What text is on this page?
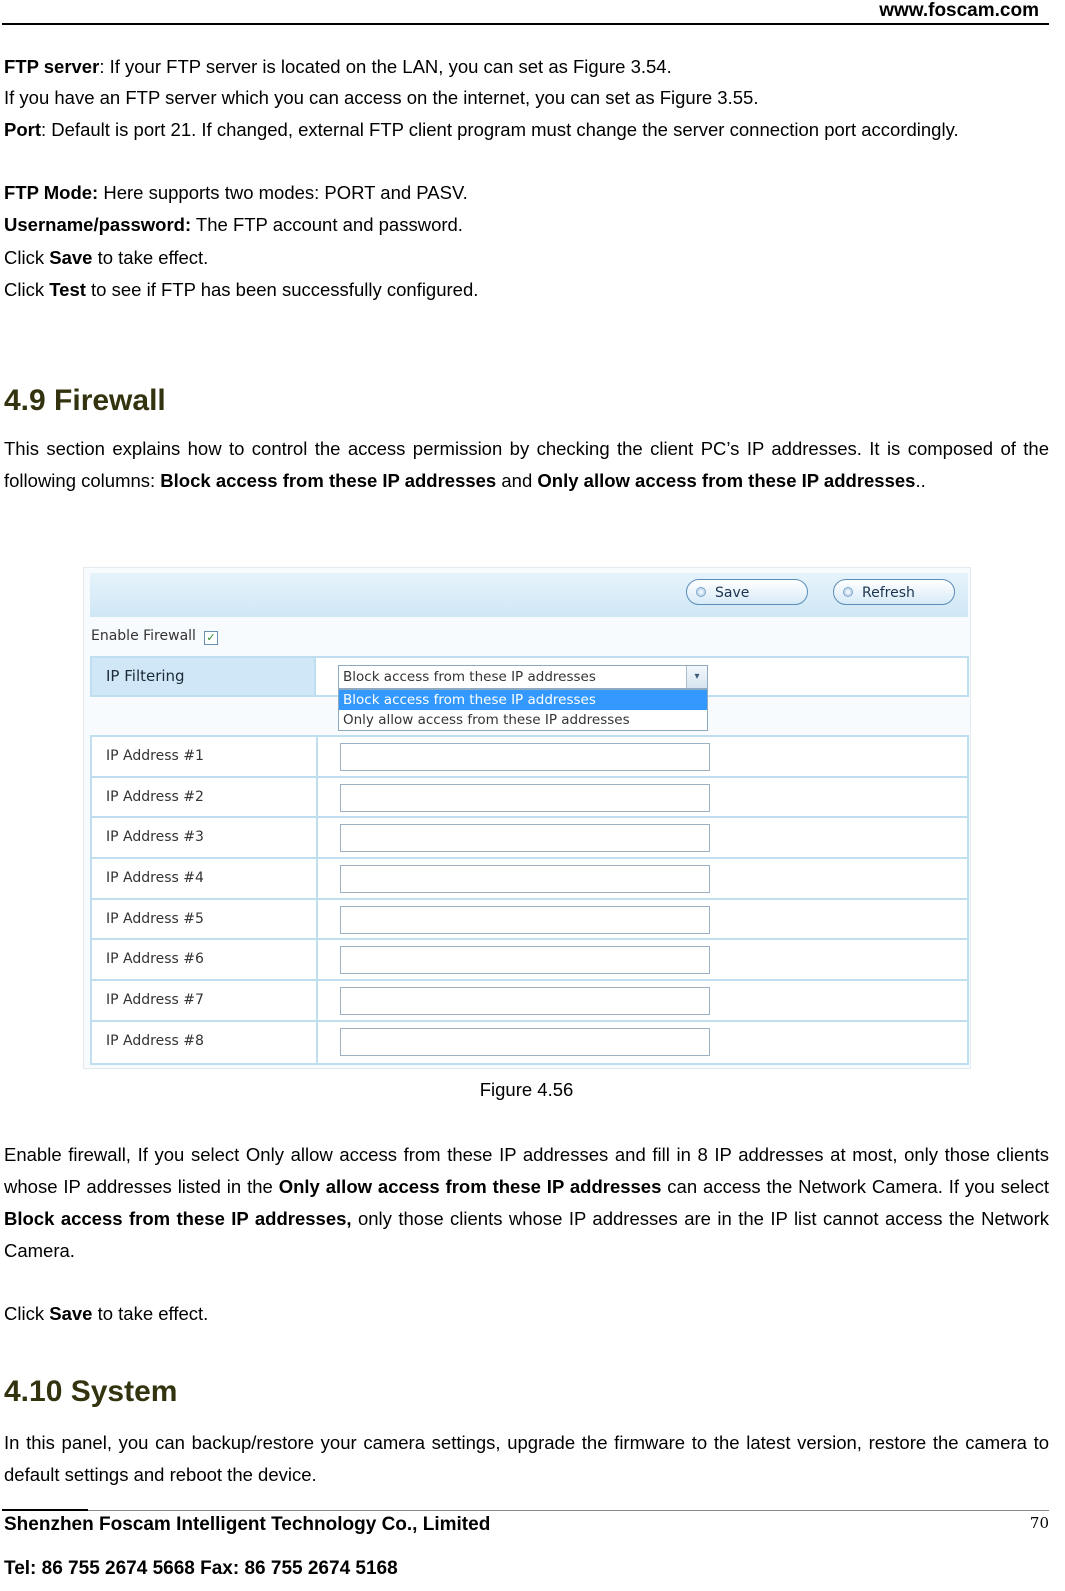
www.foscam.com
FTP server: If your FTP server is located on the LAN, you can set as Figure 3.54.
If you have an FTP server which you can access on the internet, you can set as Figure 3.55.
Port: Default is port 21. If changed, external FTP client program must change the server connection port accordingly.
FTP Mode: Here supports two modes: PORT and PASV.
Username/password: The FTP account and password.
Click Save to take effect.
Click Test to see if FTP has been successfully configured.
4.9 Firewall
This section explains how to control the access permission by checking the client PC’s IP addresses. It is composed of the following columns: Block access from these IP addresses and Only allow access from these IP addresses..
Save	Refresh
Enable Firewall ✓
IP Filtering	Block access from these IP addresses	▾
Block access from these IP addresses
Only allow access from these IP addresses
IP Address #1
IP Address #2
IP Address #3
IP Address #4
IP Address #5
IP Address #6
IP Address #7
IP Address #8
Figure 4.56
Enable firewall, If you select Only allow access from these IP addresses and fill in 8 IP addresses at most, only those clients whose IP addresses listed in the Only allow access from these IP addresses can access the Network Camera. If you select Block access from these IP addresses, only those clients whose IP addresses are in the IP list cannot access the Network Camera.
Click Save to take effect.
4.10 System
In this panel, you can backup/restore your camera settings, upgrade the firmware to the latest version, restore the camera to default settings and reboot the device.
Shenzhen Foscam Intelligent Technology Co., Limited	70
Tel: 86 755 2674 5668 Fax: 86 755 2674 5168
